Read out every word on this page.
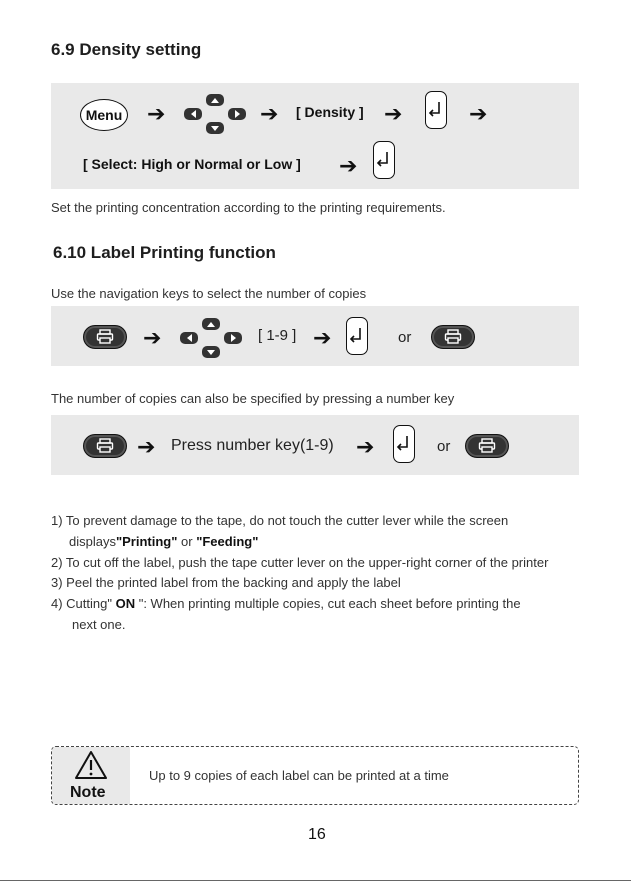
6.9 Density setting
Menu ➔	➔ [ Density ] ➔	➔
[ Select: High or Normal or Low ] ➔
Set the printing concentration according to the printing requirements.
6.10 Label Printing function
Use the navigation keys to select the number of copies
➔	[ 1-9 ] ➔	or
The number of copies can also be specified by pressing a number key
➔ Press number key(1-9) ➔	or
1) To prevent damage to the tape, do not touch the cutter lever while the screen
displays"Printing" or "Feeding"
2) To cut off the label, push the tape cutter lever on the upper-right corner of the printer
3) Peel the printed label from the backing and apply the label
4) Cutting" ON ": When printing multiple copies, cut each sheet before printing the
next one.
Note
Up to 9 copies of each label can be printed at a time
16
